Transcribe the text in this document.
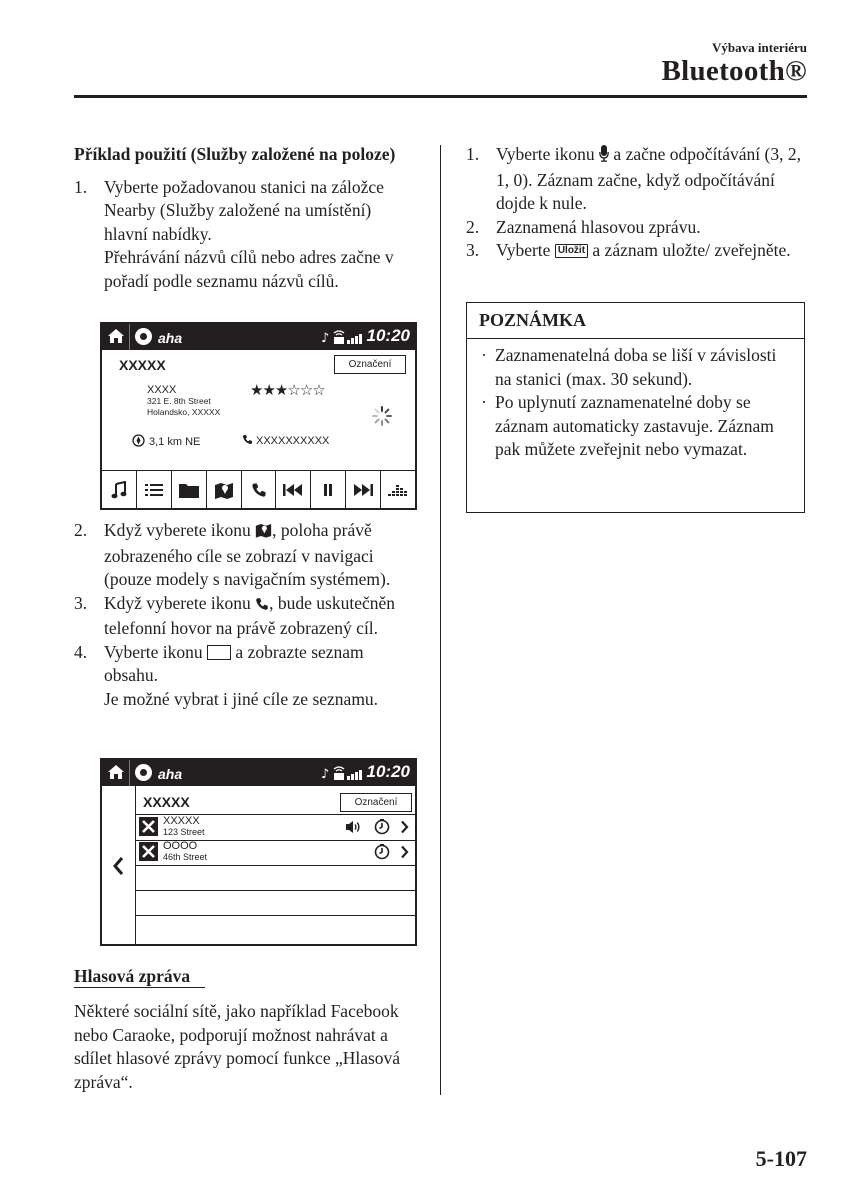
Výbava interiéru
Bluetooth®
Příklad použití (Služby založené na poloze)
1. Vyberte požadovanou stanici na záložce Nearby (Služby založené na umístění) hlavní nabídky.
Přehrávání názvů cílů nebo adres začne v pořadí podle seznamu názvů cílů.
aha	♪ 10:20
XXXXX	Označení
XXXX
321 E. 8th Street
Holandsko, XXXXX
★★★☆☆☆
3,1 km NE	XXXXXXXXXX
2. Když vyberete ikonu , poloha právě zobrazeného cíle se zobrazí v navigaci (pouze modely s navigačním systémem).
3. Když vyberete ikonu , bude uskutečněn telefonní hovor na právě zobrazený cíl.
4. Vyberte ikonu  a zobrazte seznam obsahu.
Je možné vybrat i jiné cíle ze seznamu.
aha	♪ 10:20
XXXXX	Označení
XXXXX
123 Street
OOOO
46th Street
Hlasová zpráva
Některé sociální sítě, jako například Facebook nebo Caraoke, podporují možnost nahrávat a sdílet hlasové zprávy pomocí funkce „Hlasová zpráva“.
1. Vyberte ikonu  a začne odpočítávání (3, 2, 1, 0). Záznam začne, když odpočítávání dojde k nule.
2. Zaznamená hlasovou zprávu.
3. Vyberte Uložit a záznam uložte/ zveřejněte.
POZNÁMKA
· Zaznamenatelná doba se liší v závislosti na stanici (max. 30 sekund).
· Po uplynutí zaznamenatelné doby se záznam automaticky zastavuje. Záznam pak můžete zveřejnit nebo vymazat.
5-107
